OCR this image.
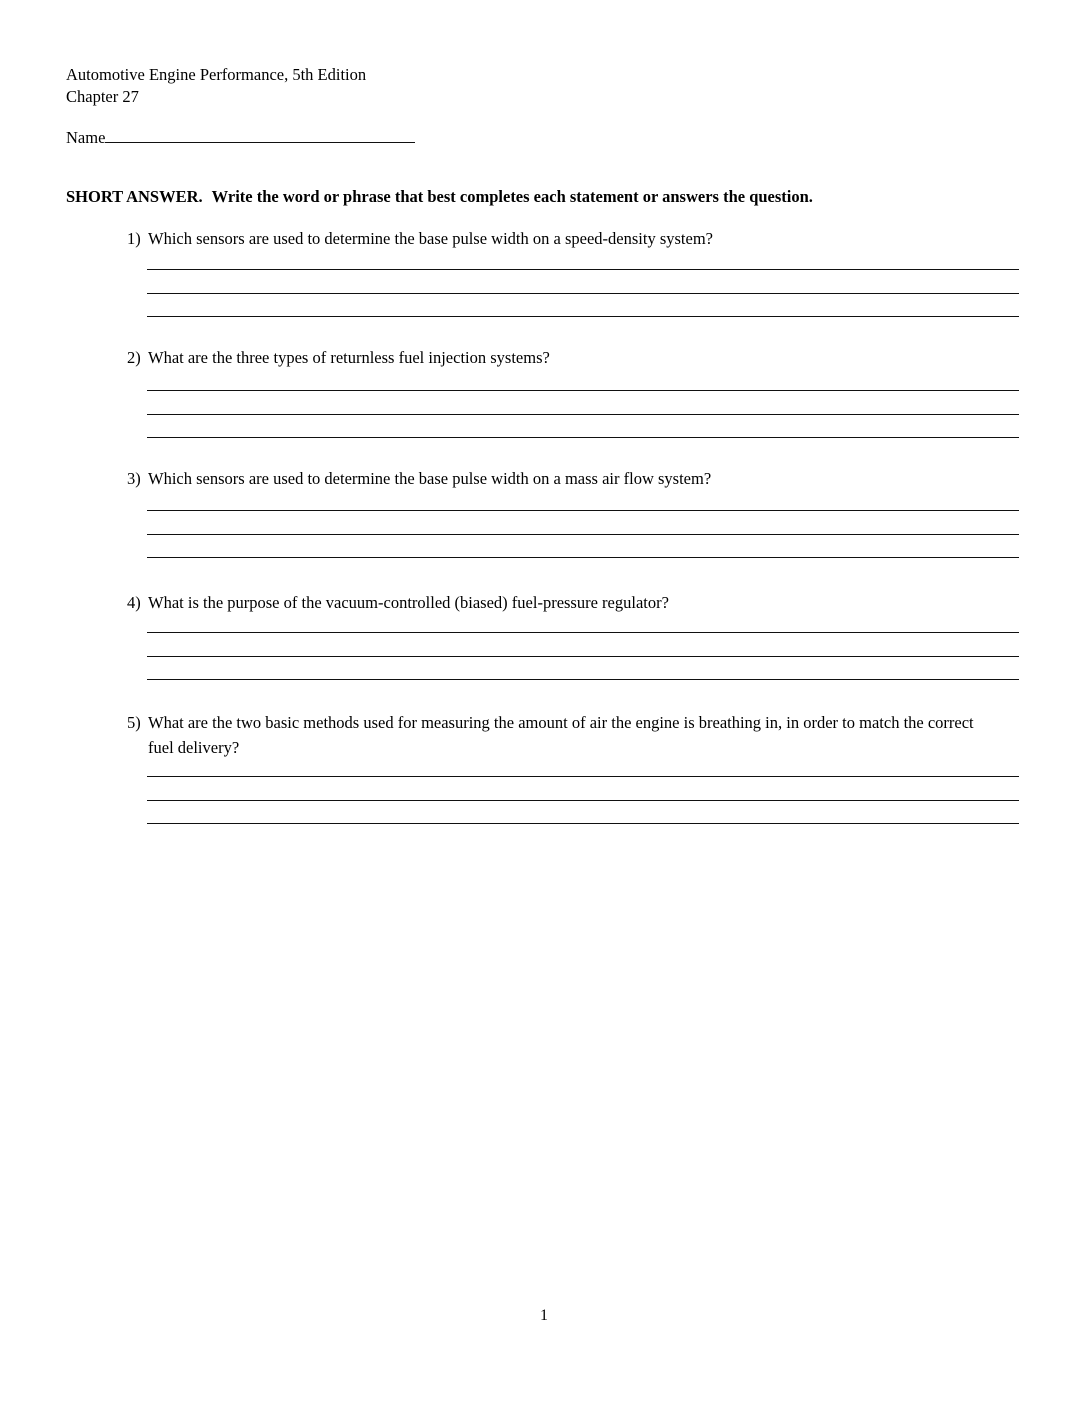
Automotive Engine Performance, 5th Edition
Chapter 27
Name
SHORT ANSWER. Write the word or phrase that best completes each statement or answers the question.
1) Which sensors are used to determine the base pulse width on a speed-density system?
2) What are the three types of returnless fuel injection systems?
3) Which sensors are used to determine the base pulse width on a mass air flow system?
4) What is the purpose of the vacuum-controlled (biased) fuel-pressure regulator?
5) What are the two basic methods used for measuring the amount of air the engine is breathing in, in order to match the correct fuel delivery?
1
